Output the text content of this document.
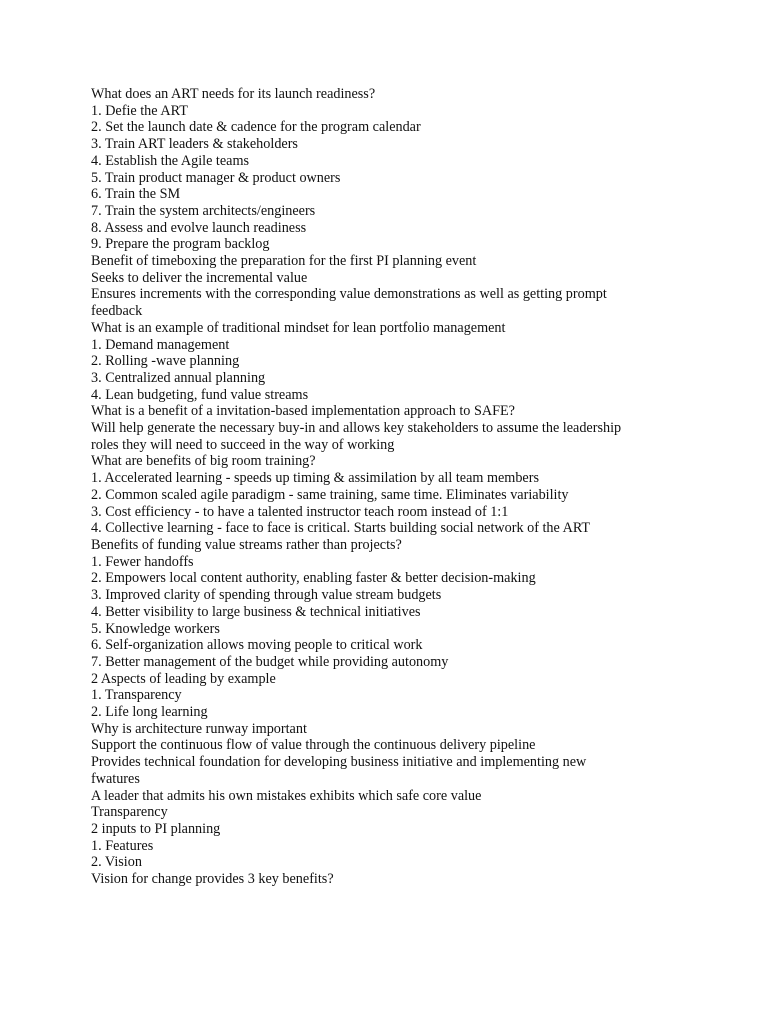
What does an ART needs for its launch readiness?
1. Defie the ART
2. Set the launch date & cadence for the program calendar
3. Train ART leaders & stakeholders
4. Establish the Agile teams
5. Train product manager & product owners
6. Train the SM
7. Train the system architects/engineers
8. Assess and evolve launch readiness
9. Prepare the program backlog
Benefit of timeboxing the preparation for the first PI planning event
Seeks to deliver the incremental value
Ensures increments with the corresponding value demonstrations as well as getting prompt
feedback
What is an example of traditional mindset for lean portfolio management
1. Demand management
2. Rolling -wave planning
3. Centralized annual planning
4. Lean budgeting, fund value streams
What is a benefit of a invitation-based implementation approach to SAFE?
Will help generate the necessary buy-in and allows key stakeholders to assume the leadership
roles they will need to succeed in the way of working
What are benefits of big room training?
1. Accelerated learning - speeds up timing & assimilation by all team members
2. Common scaled agile paradigm - same training, same time. Eliminates variability
3. Cost efficiency - to have a talented instructor teach room instead of 1:1
4. Collective learning - face to face is critical. Starts building social network of the ART
Benefits of funding value streams rather than projects?
1. Fewer handoffs
2. Empowers local content authority, enabling faster & better decision-making
3. Improved clarity of spending through value stream budgets
4. Better visibility to large business & technical initiatives
5. Knowledge workers
6. Self-organization allows moving people to critical work
7. Better management of the budget while providing autonomy
2 Aspects of leading by example
1. Transparency
2. Life long learning
Why is architecture runway important
Support the continuous flow of value through the continuous delivery pipeline
Provides technical foundation for developing business initiative and implementing new
fwatures
A leader that admits his own mistakes exhibits which safe core value
Transparency
2 inputs to PI planning
1. Features
2. Vision
Vision for change provides 3 key benefits?
